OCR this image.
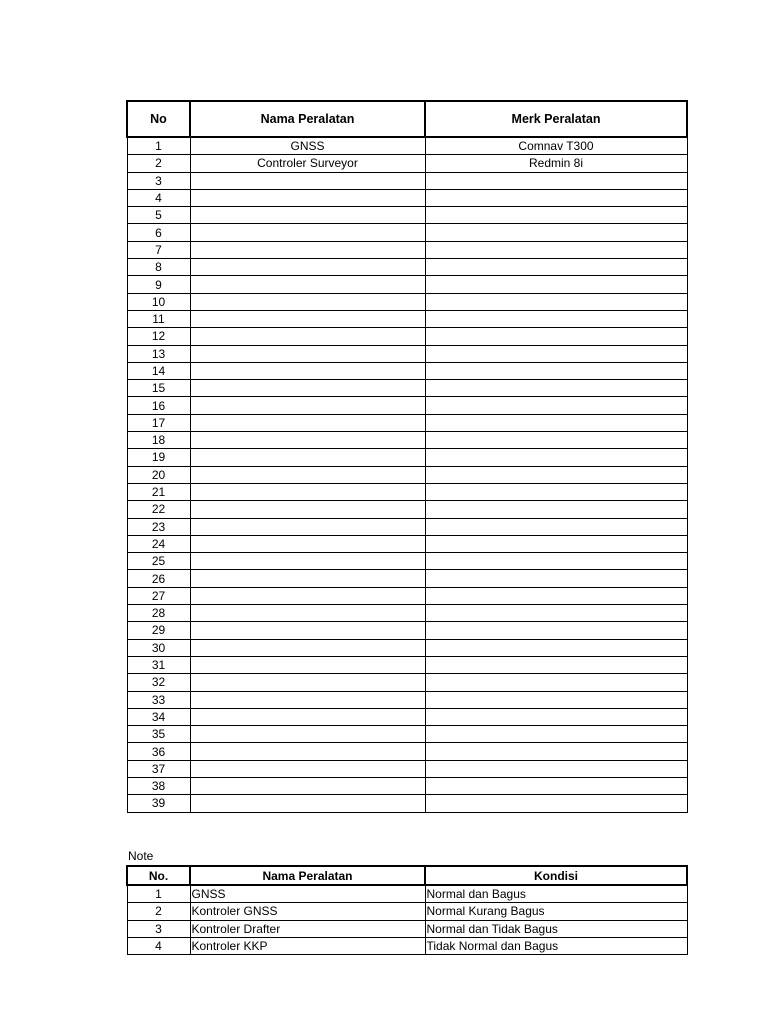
No	Nama Peralatan	Merk Peralatan
1	GNSS	Comnav T300
2	Controler Surveyor	Redmin 8i
3		
4		
5		
6		
7		
8		
9		
10		
11		
12		
13		
14		
15		
16		
17		
18		
19		
20		
21		
22		
23		
24		
25		
26		
27		
28		
29		
30		
31		
32		
33		
34		
35		
36		
37		
38		
39		
Note
No.	Nama Peralatan	Kondisi
1	GNSS	Normal dan Bagus
2	Kontroler GNSS	Normal Kurang Bagus
3	Kontroler Drafter	Normal dan Tidak Bagus
4	Kontroler KKP	Tidak Normal dan Bagus
